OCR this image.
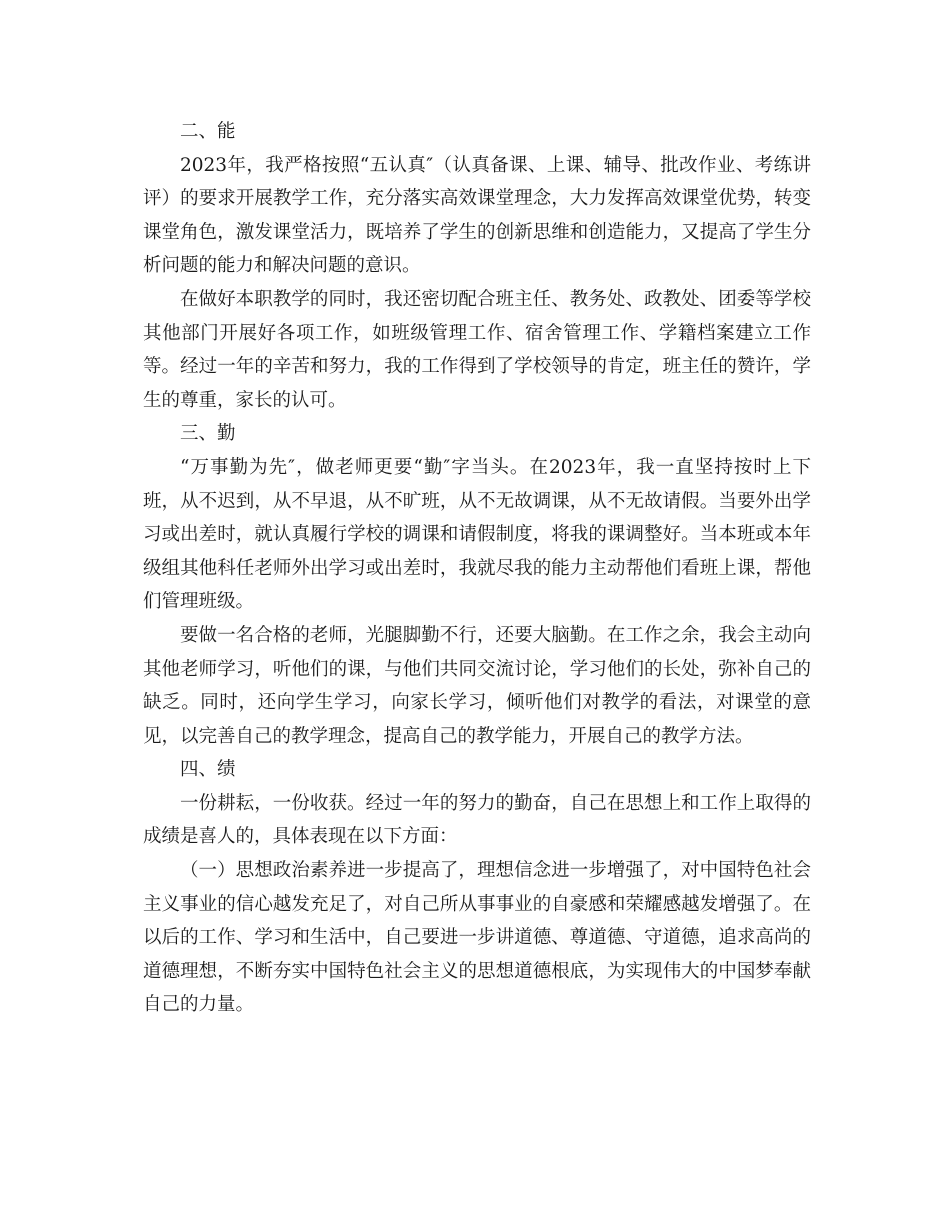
二、能

2023年，我严格按照“五认真″（认真备课、上课、辅导、批改作业、考练讲评）的要求开展教学工作，充分落实高效课堂理念，大力发挥高效课堂优势，转变课堂角色，激发课堂活力，既培养了学生的创新思维和创造能力，又提高了学生分析问题的能力和解决问题的意识。

在做好本职教学的同时，我还密切配合班主任、教务处、政教处、团委等学校其他部门开展好各项工作，如班级管理工作、宿舍管理工作、学籍档案建立工作等。经过一年的辛苦和努力，我的工作得到了学校领导的肯定，班主任的赞许，学生的尊重，家长的认可。

三、勤

“万事勤为先″，做老师更要“勤″字当头。在2023年，我一直坚持按时上下班，从不迟到，从不早退，从不旷班，从不无故调课，从不无故请假。当要外出学习或出差时，就认真履行学校的调课和请假制度，将我的课调整好。当本班或本年级组其他科任老师外出学习或出差时，我就尽我的能力主动帮他们看班上课，帮他们管理班级。

要做一名合格的老师，光腿脚勤不行，还要大脑勤。在工作之余，我会主动向其他老师学习，听他们的课，与他们共同交流讨论，学习他们的长处，弥补自己的缺乏。同时，还向学生学习，向家长学习，倾听他们对教学的看法，对课堂的意见，以完善自己的教学理念，提高自己的教学能力，开展自己的教学方法。

四、绩

一份耕耘，一份收获。经过一年的努力的勤奋，自己在思想上和工作上取得的成绩是喜人的，具体表现在以下方面：

（一）思想政治素养进一步提高了，理想信念进一步增强了，对中国特色社会主义事业的信心越发充足了，对自己所从事事业的自豪感和荣耀感越发增强了。在以后的工作、学习和生活中，自己要进一步讲道德、尊道德、守道德，追求高尚的道德理想，不断夯实中国特色社会主义的思想道德根底，为实现伟大的中国梦奉献自己的力量。
